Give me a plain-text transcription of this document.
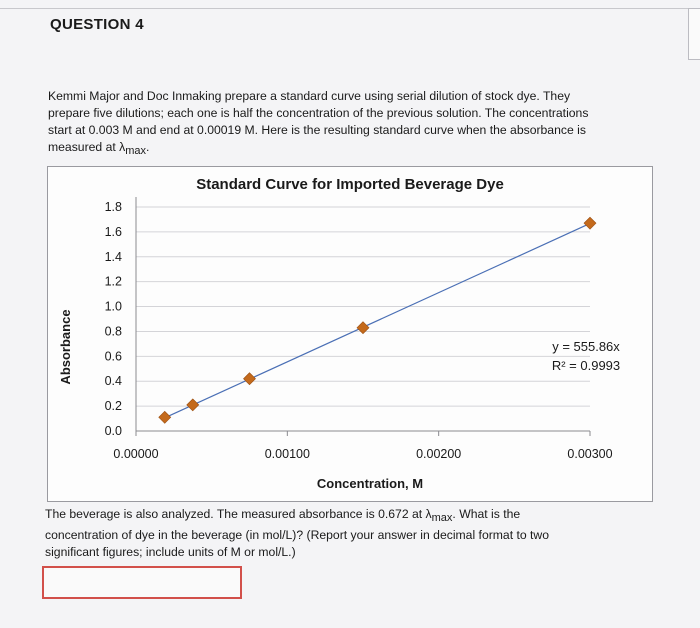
QUESTION 4
Kemmi Major and Doc Inmaking prepare a standard curve using serial dilution of stock dye. They
prepare five dilutions; each one is half the concentration of the previous solution. The concentrations
start at 0.003 M and end at 0.00019 M. Here is the resulting standard curve when the absorbance is
measured at $\lambda_{max}$.
Standard Curve for Imported Beverage Dye
0.0
0.2
0.4
0.6
0.8
1.0
1.2
1.4
1.6
1.8
0.00000	0.00100	0.00200	0.00300
Absorbance
Concentration, M
y = 555.86x
R² = 0.9993
The beverage is also analyzed. The measured absorbance is 0.672 at $\lambda_{max}$. What is the
concentration of dye in the beverage (in mol/L)? (Report your answer in decimal format to two
significant figures; include units of M or mol/L.)
